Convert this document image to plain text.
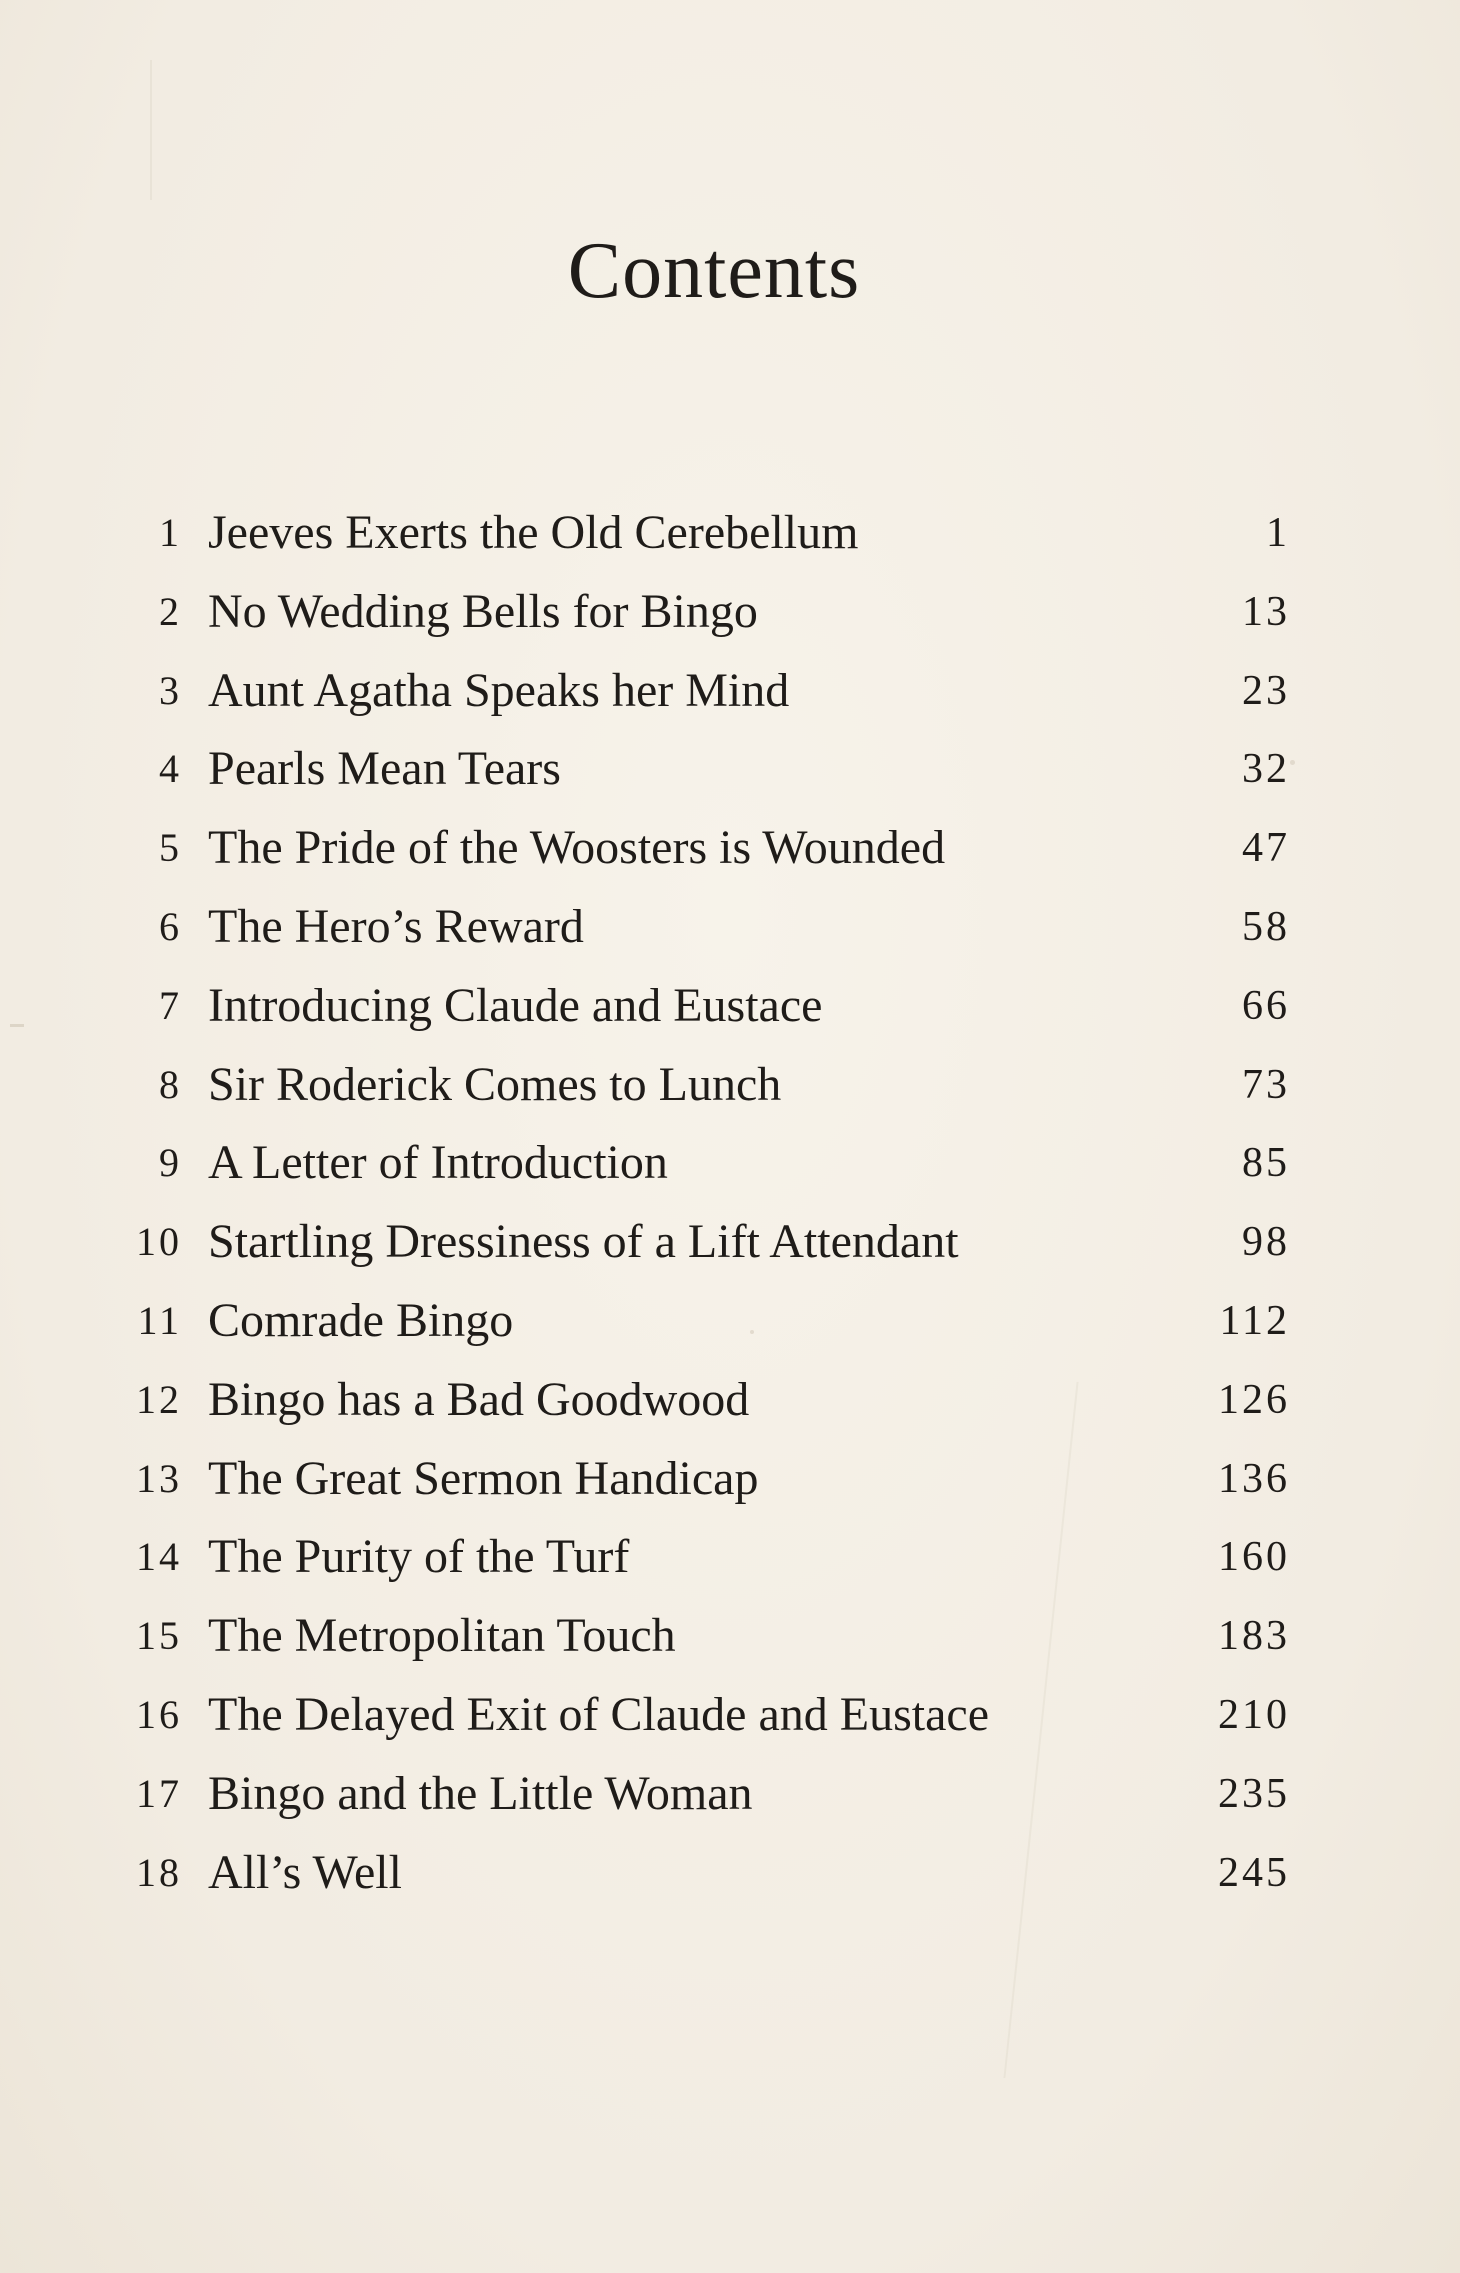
Contents
1 Jeeves Exerts the Old Cerebellum	1
2 No Wedding Bells for Bingo	13
3 Aunt Agatha Speaks her Mind	23
4 Pearls Mean Tears	32
5 The Pride of the Woosters is Wounded	47
6 The Hero’s Reward	58
7 Introducing Claude and Eustace	66
8 Sir Roderick Comes to Lunch	73
9 A Letter of Introduction	85
10 Startling Dressiness of a Lift Attendant	98
11 Comrade Bingo	112
12 Bingo has a Bad Goodwood	126
13 The Great Sermon Handicap	136
14 The Purity of the Turf	160
15 The Metropolitan Touch	183
16 The Delayed Exit of Claude and Eustace	210
17 Bingo and the Little Woman	235
18 All’s Well	245
